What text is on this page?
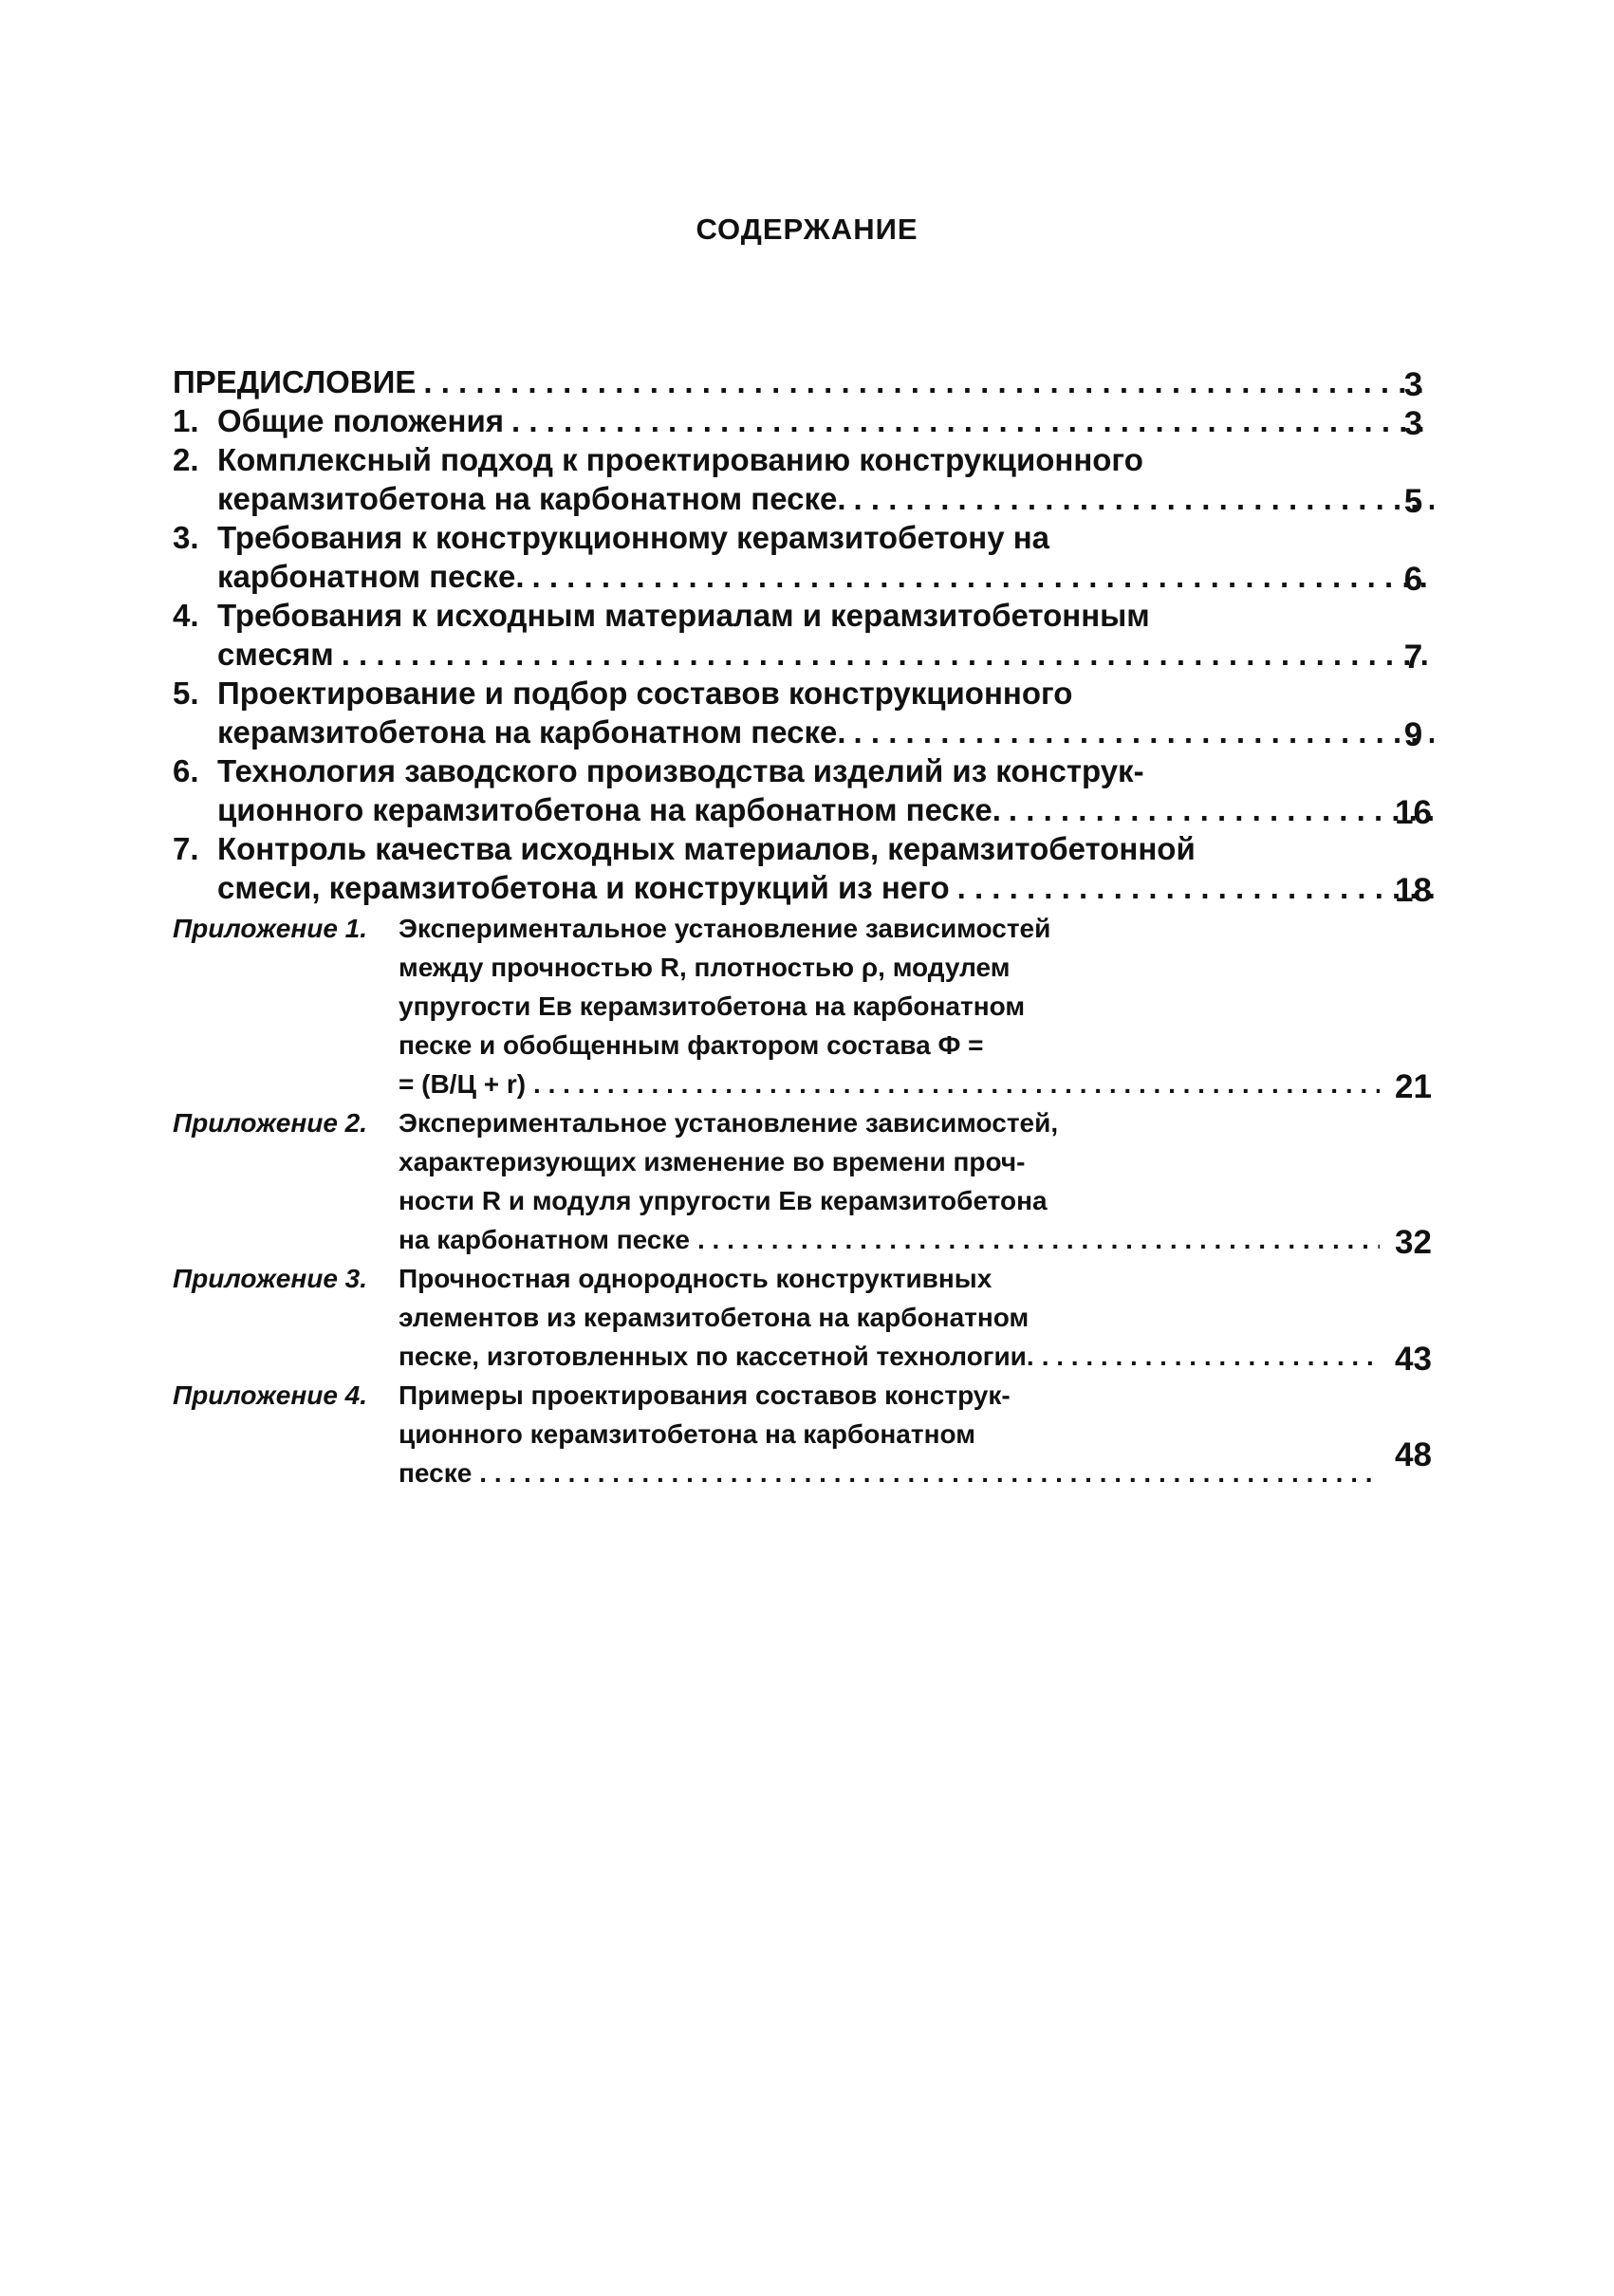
СОДЕРЖАНИЕ
ПРЕДИСЛОВИЕ . . .	3
1. Общие положения . . .	3
2. Комплексный подход к проектированию конструкционного
керамзитобетона на карбонатном песке. . . .	5
3. Требования к конструкционному керамзитобетону на
карбонатном песке. . . .	6
4. Требования к исходным материалам и керамзитобетонным
смесям . . .	7
5. Проектирование и подбор составов конструкционного
керамзитобетона на карбонатном песке. . . .	9
6. Технология заводского производства изделий из конструк-
ционного керамзитобетона на карбонатном песке. . . .	16
7. Контроль качества исходных материалов, керамзитобетонной
смеси, керамзитобетона и конструкций из него . . .	18
Приложение 1. Экспериментальное установление зависимостей
между прочностью R, плотностью ρ, модулем
упругости Eв керамзитобетона на карбонатном
песке и обобщенным фактором состава Ф =
= (В/Ц + r) . . .	21
Приложение 2. Экспериментальное установление зависимостей,
характеризующих изменение во времени проч-
ности R и модуля упругости Eв керамзитобетона
на карбонатном песке . . .	32
Приложение 3. Прочностная однородность конструктивных
элементов из керамзитобетона на карбонатном
песке, изготовленных по кассетной технологии. . . .	43
Приложение 4. Примеры проектирования составов конструк-
ционного керамзитобетона на карбонатном
песке . . .	48
